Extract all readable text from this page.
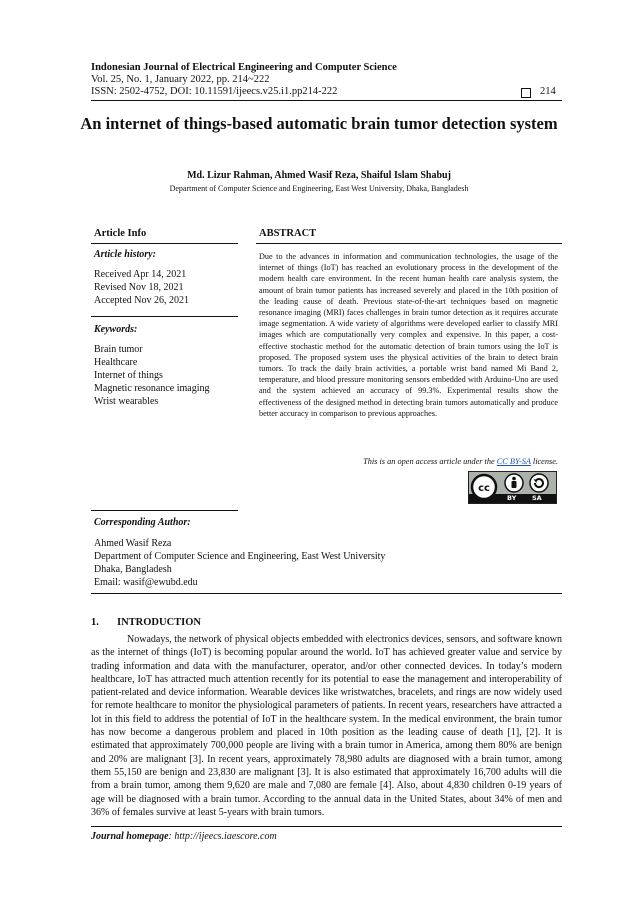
Indonesian Journal of Electrical Engineering and Computer Science
Vol. 25, No. 1, January 2022, pp. 214~222
ISSN: 2502-4752, DOI: 10.11591/ijeecs.v25.i1.pp214-222	214
An internet of things-based automatic brain tumor detection system
Md. Lizur Rahman, Ahmed Wasif Reza, Shaiful Islam Shabuj
Department of Computer Science and Engineering, East West University, Dhaka, Bangladesh
Article Info
Article history:
Received Apr 14, 2021
Revised Nov 18, 2021
Accepted Nov 26, 2021
Keywords:
Brain tumor
Healthcare
Internet of things
Magnetic resonance imaging
Wrist wearables
ABSTRACT

Due to the advances in information and communication technologies, the usage of the internet of things (IoT) has reached an evolutionary process in the development of the modern health care environment. In the recent human health care analysis system, the amount of brain tumor patients has increased severely and placed in the 10th position of the leading cause of death. Previous state-of-the-art techniques based on magnetic resonance imaging (MRI) faces challenges in brain tumor detection as it requires accurate image segmentation. A wide variety of algorithms were developed earlier to classify MRI images which are computationally very complex and expensive. In this paper, a cost-effective stochastic method for the automatic detection of brain tumors using the IoT is proposed. The proposed system uses the physical activities of the brain to detect brain tumors. To track the daily brain activities, a portable wrist band named Mi Band 2, temperature, and blood pressure monitoring sensors embedded with Arduino-Uno are used and the system achieved an accuracy of 99.3%. Experimental results show the effectiveness of the designed method in detecting brain tumors automatically and produce better accuracy in comparison to previous approaches.

This is an open access article under the CC BY-SA license.
cc
BY SA
Corresponding Author:
Ahmed Wasif Reza
Department of Computer Science and Engineering, East West University
Dhaka, Bangladesh
Email: wasif@ewubd.edu
1. INTRODUCTION

Nowadays, the network of physical objects embedded with electronics devices, sensors, and software known as the internet of things (IoT) is becoming popular around the world. IoT has achieved greater value and service by trading information and data with the manufacturer, operator, and/or other connected devices. In today’s modern healthcare, IoT has attracted much attention recently for its potential to ease the management and interoperability of patient-related and device information. Wearable devices like wristwatches, bracelets, and rings are now widely used for remote healthcare to monitor the physiological parameters of patients. In recent years, researchers have attracted a lot in this field to address the potential of IoT in the healthcare system. In the medical environment, the brain tumor has now become a dangerous problem and placed in 10th position as the leading cause of death [1], [2]. It is estimated that approximately 700,000 people are living with a brain tumor in America, among them 80% are benign and 20% are malignant [3]. In recent years, approximately 78,980 adults are diagnosed with a brain tumor, among them 55,150 are benign and 23,830 are malignant [3]. It is also estimated that approximately 16,700 adults will die from a brain tumor, among them 9,620 are male and 7,080 are female [4]. Also, about 4,830 children 0-19 years of age will be diagnosed with a brain tumor. According to the annual data in the United States, about 34% of men and 36% of females survive at least 5-years with brain tumors.

Journal homepage: http://ijeecs.iaescore.com
